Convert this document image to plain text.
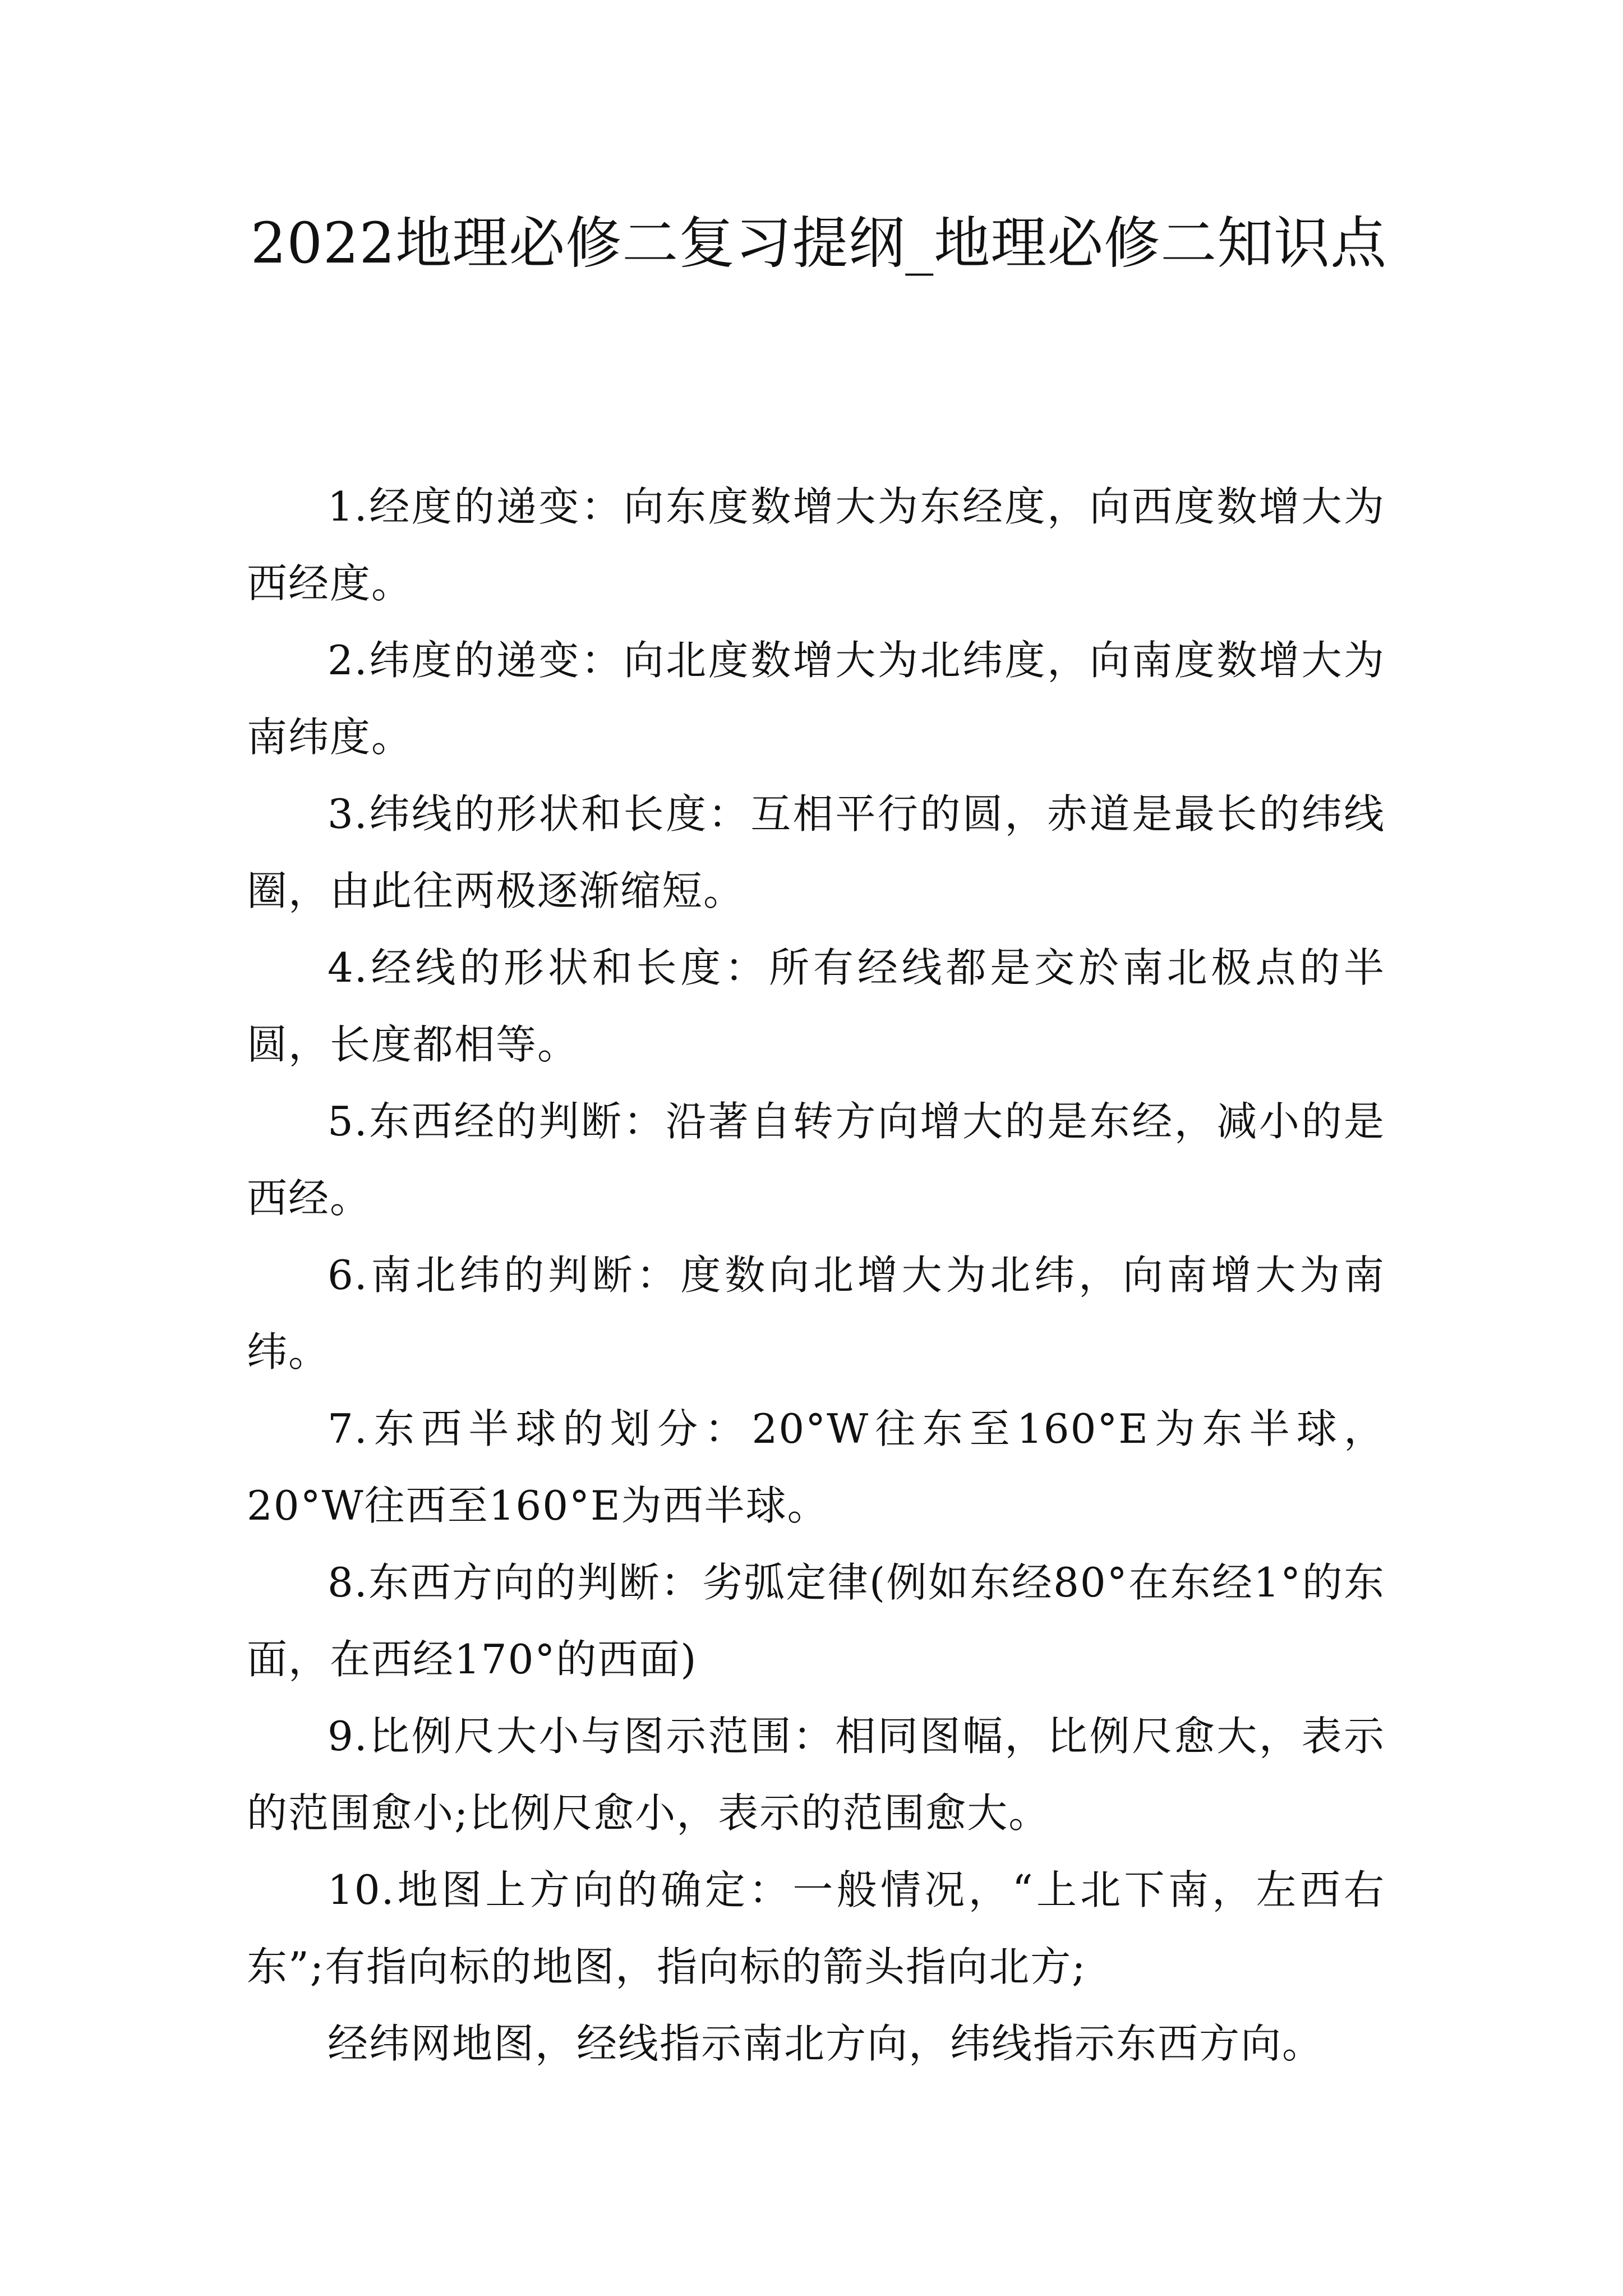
2022地理必修二复习提纲_地理必修二知识点

1.经度的递变：向东度数增大为东经度，向西度数增大为西经度。

2.纬度的递变：向北度数增大为北纬度，向南度数增大为南纬度。

3.纬线的形状和长度：互相平行的圆，赤道是最长的纬线圈，由此往两极逐渐缩短。

4.经线的形状和长度：所有经线都是交於南北极点的半圆，长度都相等。

5.东西经的判断：沿著自转方向增大的是东经，减小的是西经。

6.南北纬的判断：度数向北增大为北纬，向南增大为南纬。

7.东西半球的划分：20°W往东至160°E为东半球，20°W往西至160°E为西半球。

8.东西方向的判断：劣弧定律(例如东经80°在东经1°的东面，在西经170°的西面)

9.比例尺大小与图示范围：相同图幅，比例尺愈大，表示的范围愈小;比例尺愈小，表示的范围愈大。

10.地图上方向的确定：一般情况，“上北下南，左西右东”;有指向标的地图，指向标的箭头指向北方;

经纬网地图，经线指示南北方向，纬线指示东西方向。
